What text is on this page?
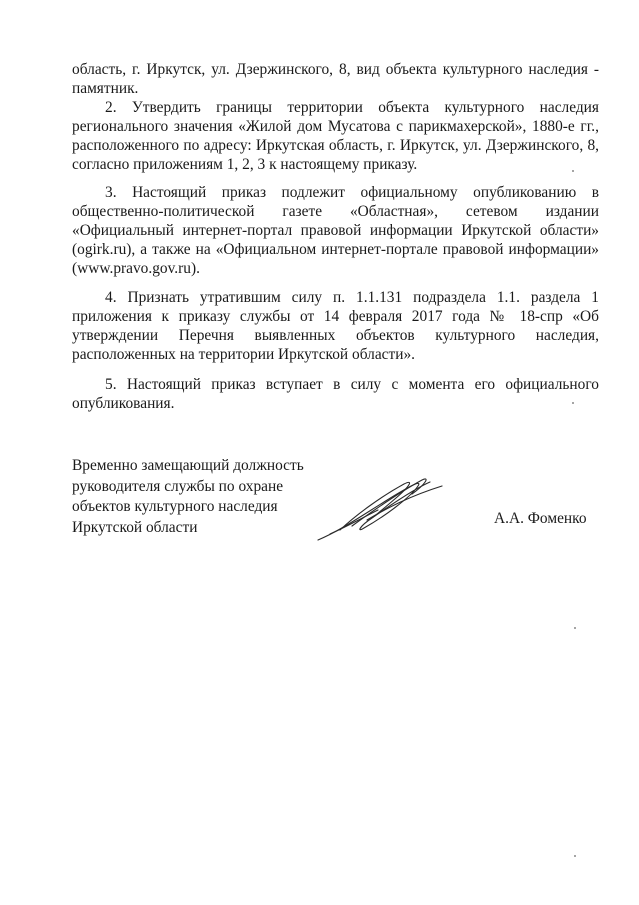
область, г. Иркутск, ул. Дзержинского, 8, вид объекта культурного наследия -
памятник.
2. Утвердить границы территории объекта культурного наследия
регионального значения «Жилой дом Мусатова с парикмахерской», 1880-е гг.,
расположенного по адресу: Иркутская область, г. Иркутск, ул. Дзержинского, 8,
согласно приложениям 1, 2, 3 к настоящему приказу.
3. Настоящий приказ подлежит официальному опубликованию в
общественно-политической газете «Областная», сетевом издании
«Официальный интернет-портал правовой информации Иркутской области»
(ogirk.ru), а также на «Официальном интернет-портале правовой информации»
(www.pravo.gov.ru).
4. Признать утратившим силу п. 1.1.131 подраздела 1.1. раздела 1
приложения к приказу службы от 14 февраля 2017 года № 18-спр «Об
утверждении Перечня выявленных объектов культурного наследия,
расположенных на территории Иркутской области».
5. Настоящий приказ вступает в силу с момента его официального
опубликования.
Временно замещающий должность
руководителя службы по охране
объектов культурного наследия
Иркутской области	А.А. Фоменко
